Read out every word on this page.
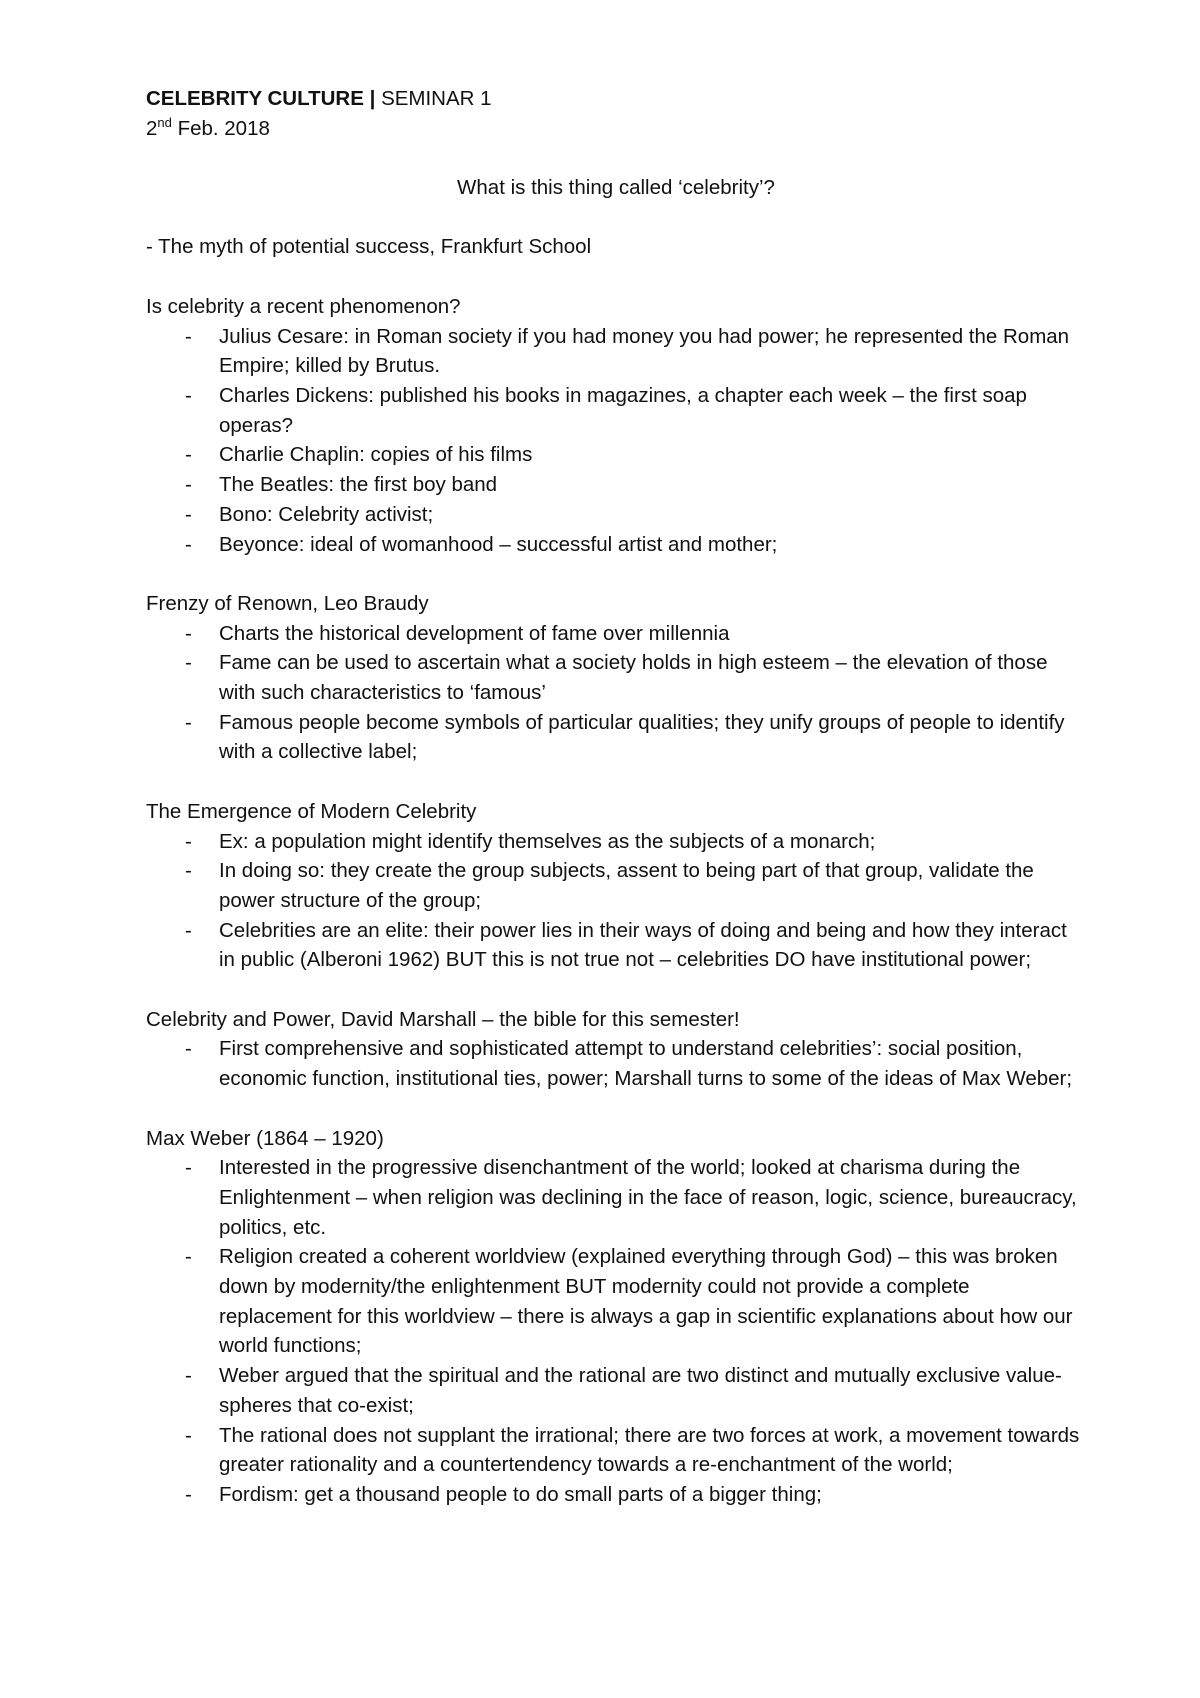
CELEBRITY CULTURE | SEMINAR 1

2nd Feb. 2018

What is this thing called ‘celebrity’?

- The myth of potential success, Frankfurt School

Is celebrity a recent phenomenon?

- Julius Cesare: in Roman society if you had money you had power; he represented the Roman Empire; killed by Brutus.
- Charles Dickens: published his books in magazines, a chapter each week – the first soap operas?
- Charlie Chaplin: copies of his films
- The Beatles: the first boy band
- Bono: Celebrity activist;
- Beyonce: ideal of womanhood – successful artist and mother;

Frenzy of Renown, Leo Braudy

- Charts the historical development of fame over millennia
- Fame can be used to ascertain what a society holds in high esteem – the elevation of those with such characteristics to ‘famous’
- Famous people become symbols of particular qualities; they unify groups of people to identify with a collective label;

The Emergence of Modern Celebrity

- Ex: a population might identify themselves as the subjects of a monarch;
- In doing so: they create the group subjects, assent to being part of that group, validate the power structure of the group;
- Celebrities are an elite: their power lies in their ways of doing and being and how they interact in public (Alberoni 1962) BUT this is not true not – celebrities DO have institutional power;

Celebrity and Power, David Marshall – the bible for this semester!

- First comprehensive and sophisticated attempt to understand celebrities’: social position, economic function, institutional ties, power; Marshall turns to some of the ideas of Max Weber;

Max Weber (1864 – 1920)

- Interested in the progressive disenchantment of the world; looked at charisma during the Enlightenment – when religion was declining in the face of reason, logic, science, bureaucracy, politics, etc.
- Religion created a coherent worldview (explained everything through God) – this was broken down by modernity/the enlightenment BUT modernity could not provide a complete replacement for this worldview – there is always a gap in scientific explanations about how our world functions;
- Weber argued that the spiritual and the rational are two distinct and mutually exclusive value-spheres that co-exist;
- The rational does not supplant the irrational; there are two forces at work, a movement towards greater rationality and a countertendency towards a re-enchantment of the world;
- Fordism: get a thousand people to do small parts of a bigger thing;
